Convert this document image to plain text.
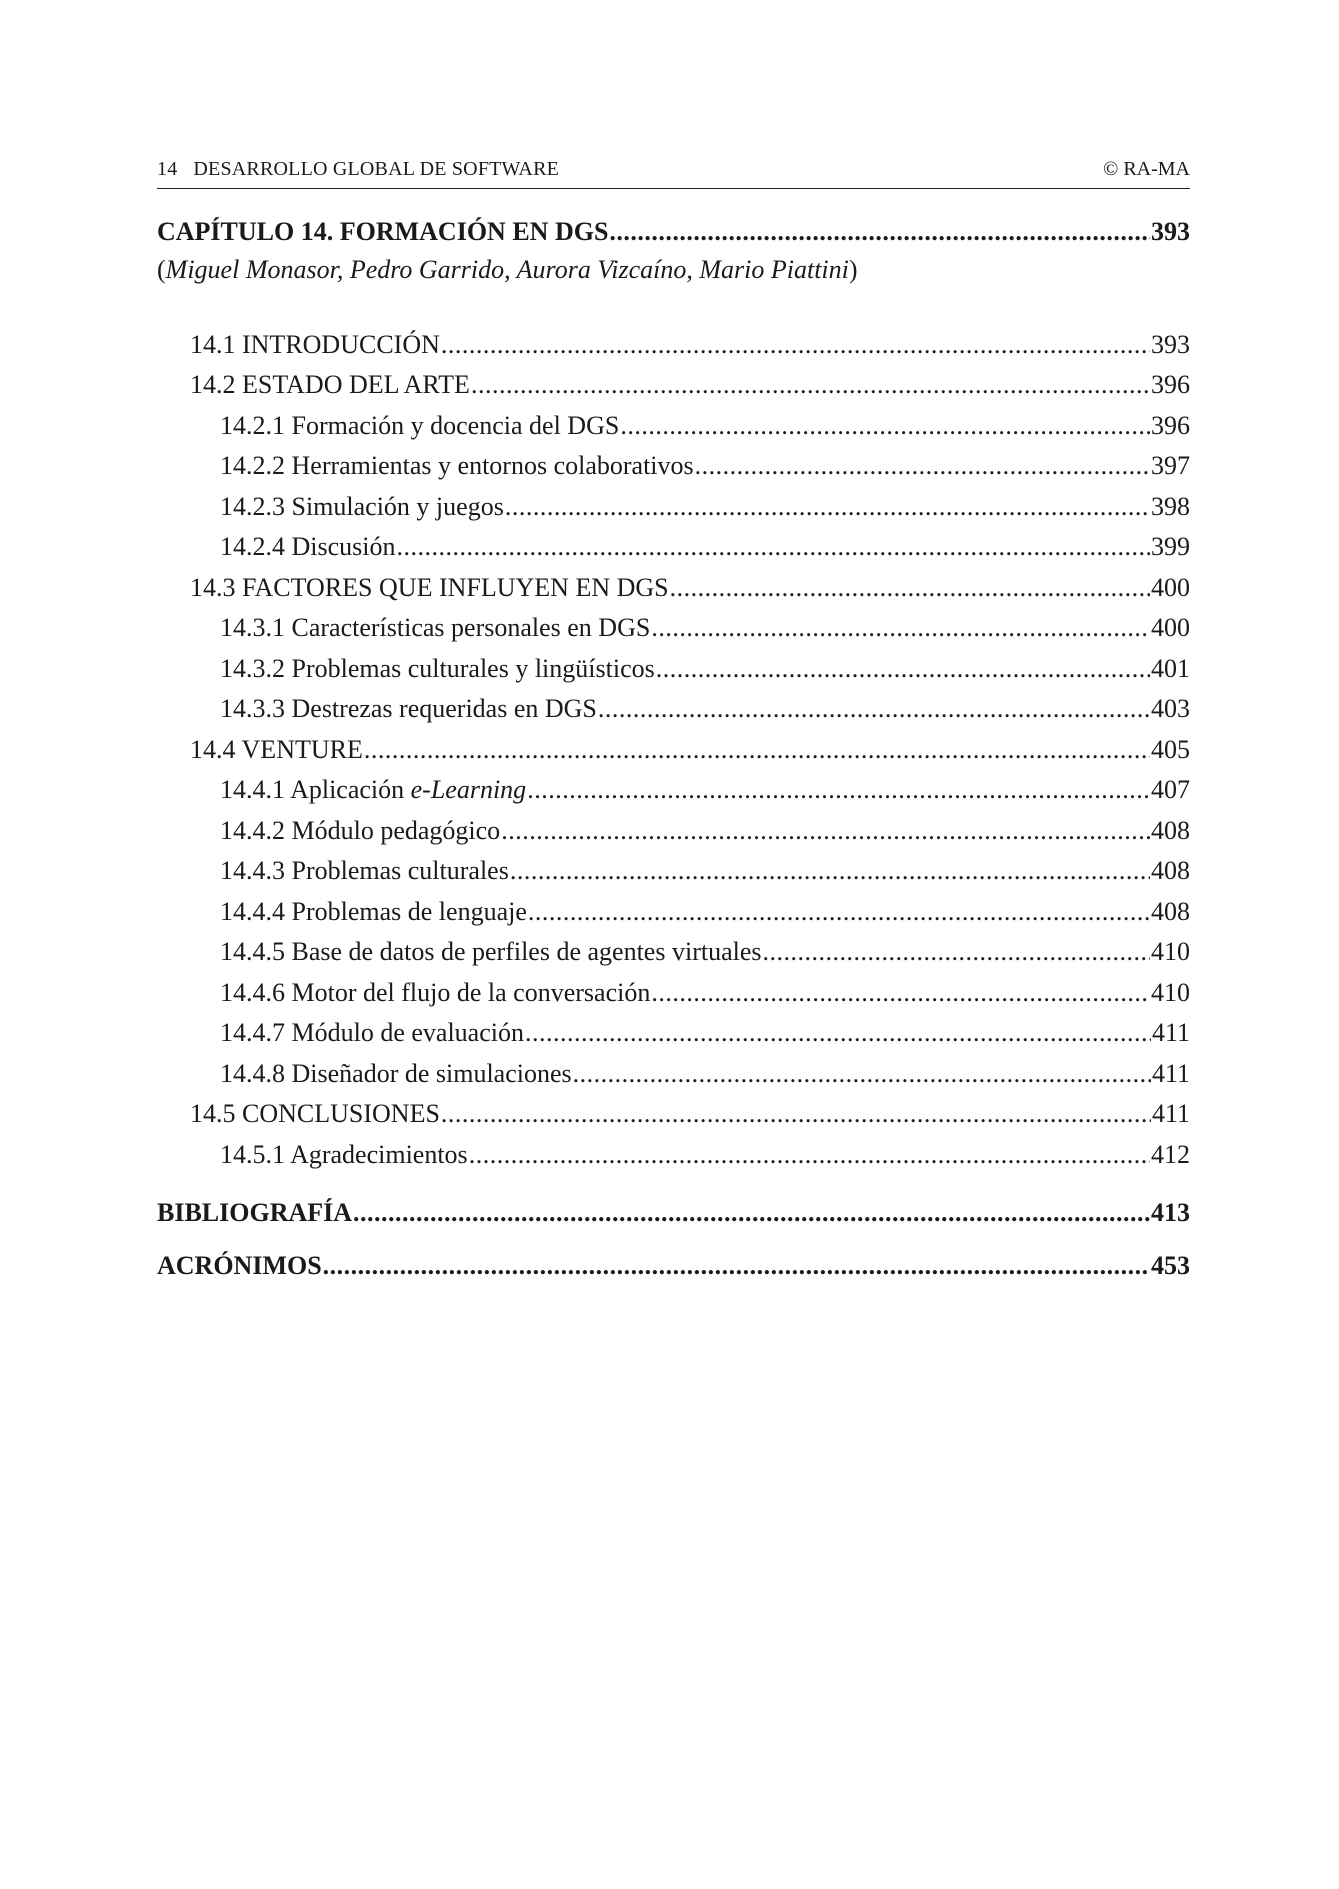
14 DESARROLLO GLOBAL DE SOFTWARE	© RA-MA
CAPÍTULO 14. FORMACIÓN EN DGS .....	393
(Miguel Monasor, Pedro Garrido, Aurora Vizcaíno, Mario Piattini)
14.1 INTRODUCCIÓN .....	393
14.2 ESTADO DEL ARTE .....	396
14.2.1 Formación y docencia del DGS .....	396
14.2.2 Herramientas y entornos colaborativos .....	397
14.2.3 Simulación y juegos .....	398
14.2.4 Discusión .....	399
14.3 FACTORES QUE INFLUYEN EN DGS .....	400
14.3.1 Características personales en DGS .....	400
14.3.2 Problemas culturales y lingüísticos .....	401
14.3.3 Destrezas requeridas en DGS .....	403
14.4 VENTURE .....	405
14.4.1 Aplicación e-Learning .....	407
14.4.2 Módulo pedagógico .....	408
14.4.3 Problemas culturales .....	408
14.4.4 Problemas de lenguaje .....	408
14.4.5 Base de datos de perfiles de agentes virtuales .....	410
14.4.6 Motor del flujo de la conversación .....	410
14.4.7 Módulo de evaluación .....	411
14.4.8 Diseñador de simulaciones .....	411
14.5 CONCLUSIONES .....	411
14.5.1 Agradecimientos .....	412
BIBLIOGRAFÍA .....	413
ACRÓNIMOS .....	453
